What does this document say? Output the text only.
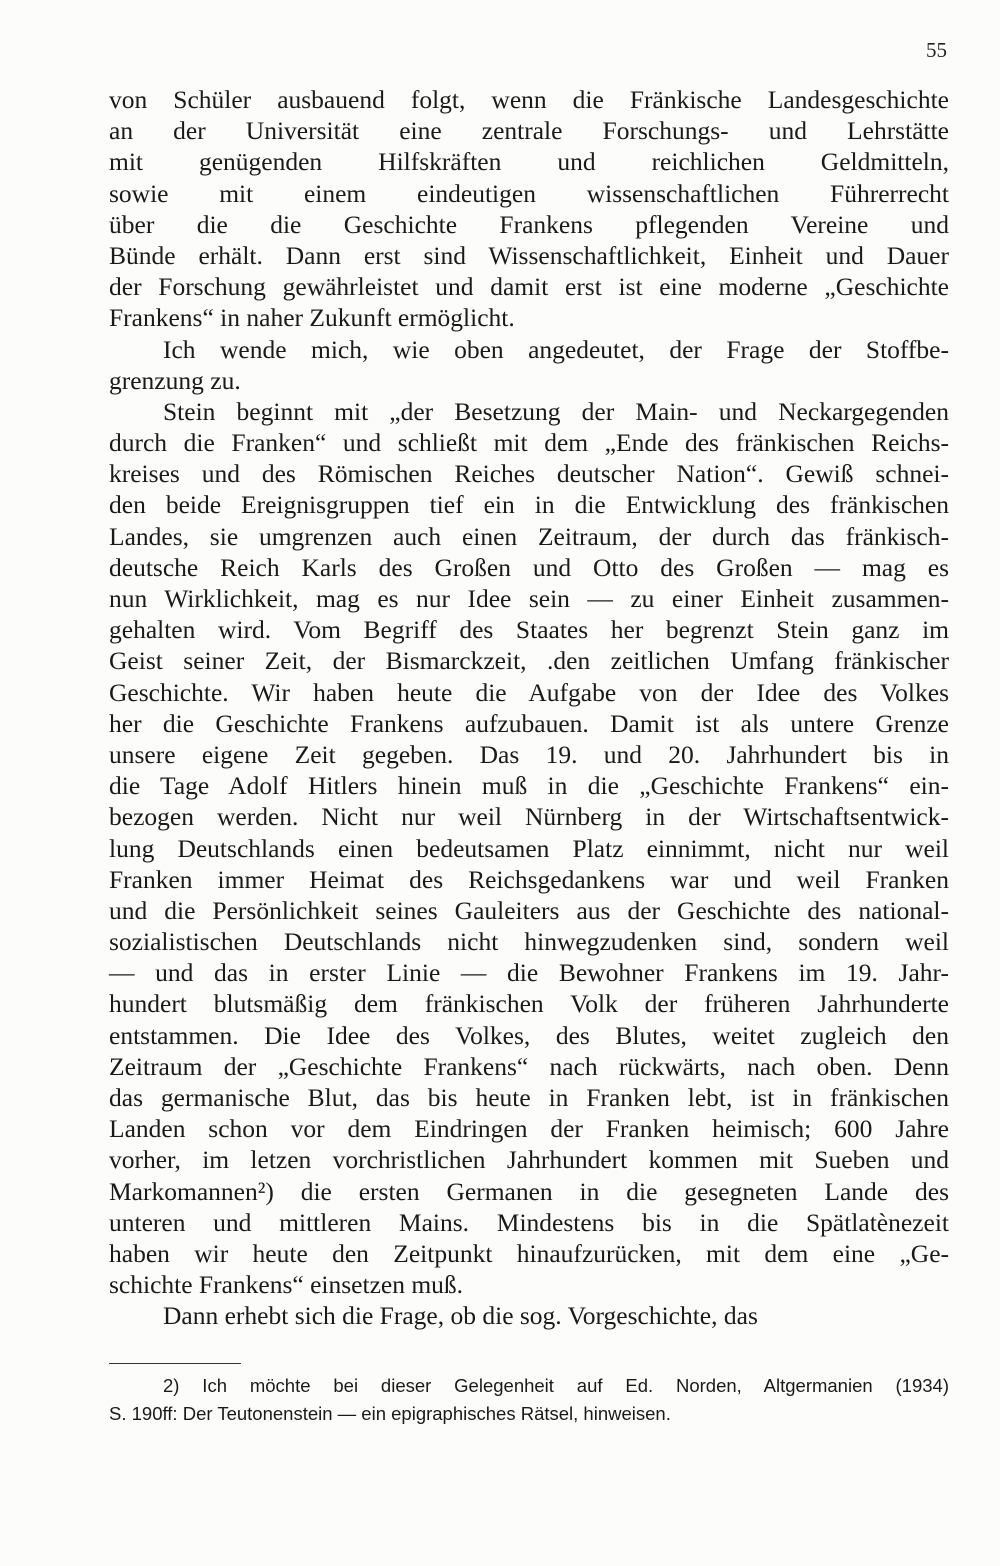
55
von Schüler ausbauend folgt, wenn die Fränkische Landesgeschichte
an der Universität eine zentrale Forschungs- und Lehrstätte
mit genügenden Hilfskräften und reichlichen Geldmitteln,
sowie mit einem eindeutigen wissenschaftlichen Führerrecht
über die die Geschichte Frankens pflegenden Vereine und
Bünde erhält. Dann erst sind Wissenschaftlichkeit, Einheit und Dauer
der Forschung gewährleistet und damit erst ist eine moderne „Geschichte
Frankens“ in naher Zukunft ermöglicht.
Ich wende mich, wie oben angedeutet, der Frage der Stoffbe-
grenzung zu.
Stein beginnt mit „der Besetzung der Main- und Neckargegenden
durch die Franken“ und schließt mit dem „Ende des fränkischen Reichs-
kreises und des Römischen Reiches deutscher Nation“. Gewiß schnei-
den beide Ereignisgruppen tief ein in die Entwicklung des fränkischen
Landes, sie umgrenzen auch einen Zeitraum, der durch das fränkisch-
deutsche Reich Karls des Großen und Otto des Großen — mag es
nun Wirklichkeit, mag es nur Idee sein — zu einer Einheit zusammen-
gehalten wird. Vom Begriff des Staates her begrenzt Stein ganz im
Geist seiner Zeit, der Bismarckzeit, .den zeitlichen Umfang fränkischer
Geschichte. Wir haben heute die Aufgabe von der Idee des Volkes
her die Geschichte Frankens aufzubauen. Damit ist als untere Grenze
unsere eigene Zeit gegeben. Das 19. und 20. Jahrhundert bis in
die Tage Adolf Hitlers hinein muß in die „Geschichte Frankens“ ein-
bezogen werden. Nicht nur weil Nürnberg in der Wirtschaftsentwick-
lung Deutschlands einen bedeutsamen Platz einnimmt, nicht nur weil
Franken immer Heimat des Reichsgedankens war und weil Franken
und die Persönlichkeit seines Gauleiters aus der Geschichte des national-
sozialistischen Deutschlands nicht hinwegzudenken sind, sondern weil
— und das in erster Linie — die Bewohner Frankens im 19. Jahr-
hundert blutsmäßig dem fränkischen Volk der früheren Jahrhunderte
entstammen. Die Idee des Volkes, des Blutes, weitet zugleich den
Zeitraum der „Geschichte Frankens“ nach rückwärts, nach oben. Denn
das germanische Blut, das bis heute in Franken lebt, ist in fränkischen
Landen schon vor dem Eindringen der Franken heimisch; 600 Jahre
vorher, im letzen vorchristlichen Jahrhundert kommen mit Sueben und
Markomannen²) die ersten Germanen in die gesegneten Lande des
unteren und mittleren Mains. Mindestens bis in die Spätlatènezeit
haben wir heute den Zeitpunkt hinaufzurücken, mit dem eine „Ge-
schichte Frankens“ einsetzen muß.
Dann erhebt sich die Frage, ob die sog. Vorgeschichte, das
2) Ich möchte bei dieser Gelegenheit auf Ed. Norden, Altgermanien (1934)
S. 190ff: Der Teutonenstein — ein epigraphisches Rätsel, hinweisen.
